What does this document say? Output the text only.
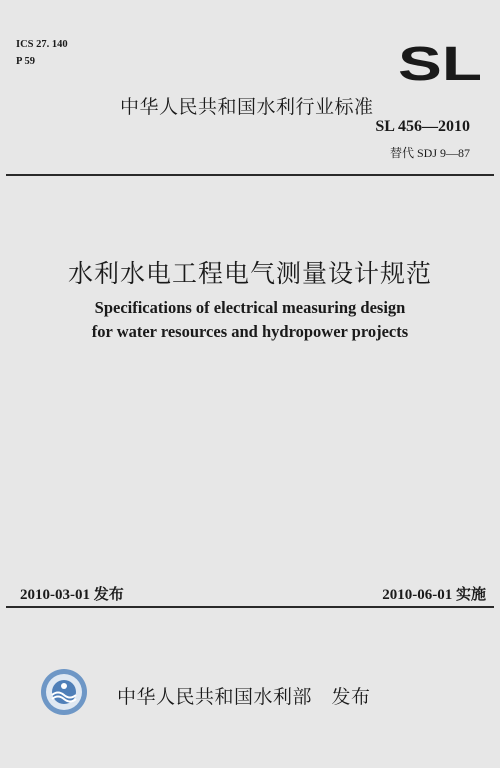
ICS 27. 140
P 59	SL
中华人民共和国水利行业标准
SL 456—2010
替代 SDJ 9—87
水利水电工程电气测量设计规范
Specifications of electrical measuring design
for water resources and hydropower projects
2010-03-01 发布	2010-06-01 实施
中华人民共和国水利部　发布
